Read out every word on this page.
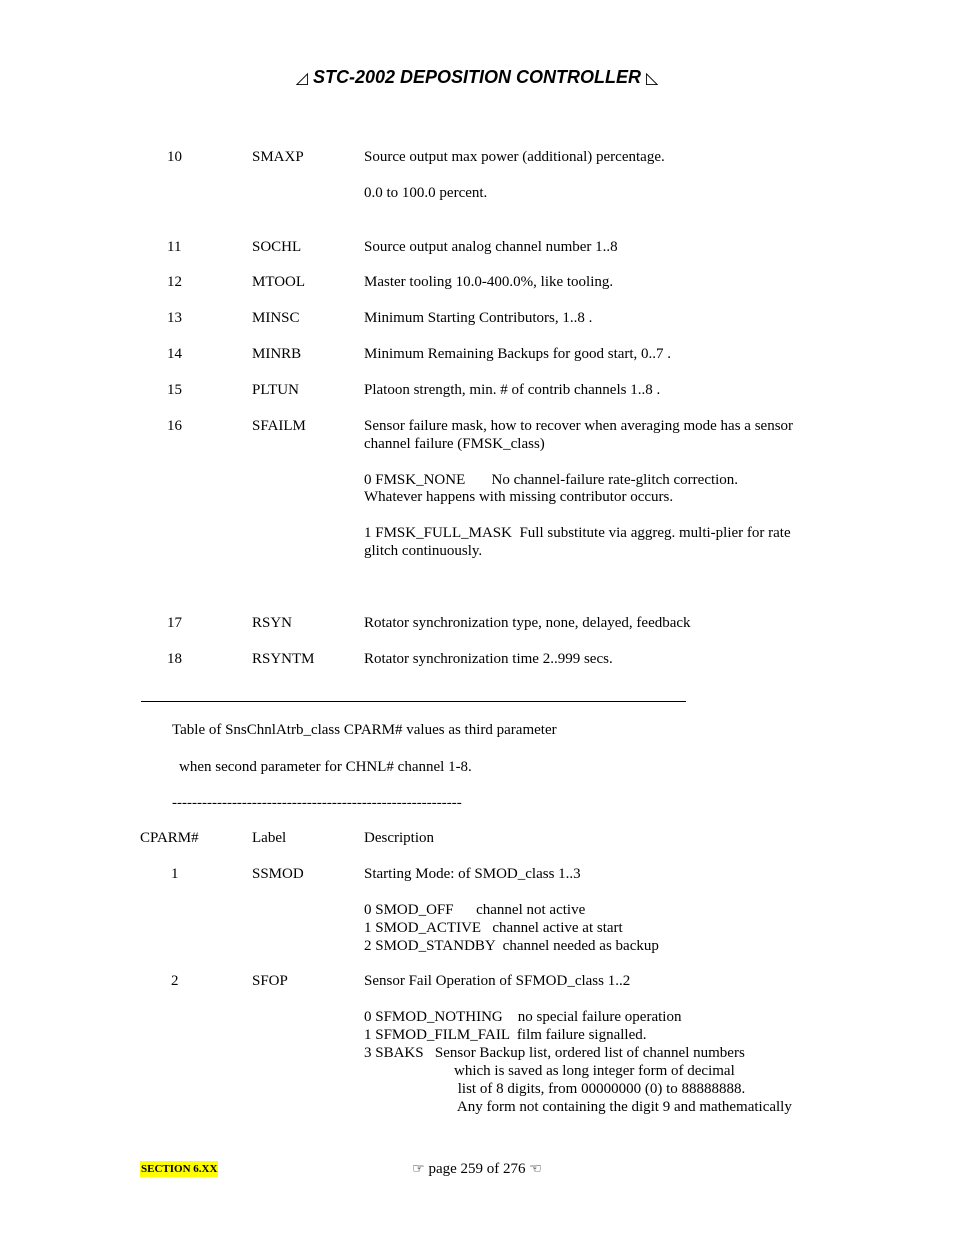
◿ STC-2002 DEPOSITION CONTROLLER ◺
10	SMAXP	Source output max power (additional) percentage.
0.0 to 100.0 percent.
11	SOCHL	Source output analog channel number 1..8
12	MTOOL	Master tooling 10.0-400.0%, like tooling.
13	MINSC	Minimum Starting Contributors, 1..8 .
14	MINRB	Minimum Remaining Backups for good start, 0..7 .
15	PLTUN	Platoon strength, min. # of contrib channels 1..8 .
16	SFAILM	Sensor failure mask, how to recover when averaging mode has a sensor
channel failure (FMSK_class)
0 FMSK_NONE       No channel-failure rate-glitch correction.
Whatever happens with missing contributor occurs.
1 FMSK_FULL_MASK  Full substitute via aggreg. multi-plier for rate
glitch continuously.
17	RSYN	Rotator synchronization type, none, delayed, feedback
18	RSYNTM	Rotator synchronization time 2..999 secs.
Table of SnsChnlAtrb_class CPARM# values as third parameter
when second parameter for CHNL# channel 1-8.
----------------------------------------------------------
CPARM#	Label	Description
1	SSMOD	Starting Mode: of SMOD_class 1..3
0 SMOD_OFF      channel not active
1 SMOD_ACTIVE   channel active at start
2 SMOD_STANDBY  channel needed as backup
2	SFOP	Sensor Fail Operation of SFMOD_class 1..2
0 SFMOD_NOTHING    no special failure operation
1 SFMOD_FILM_FAIL  film failure signalled.
3 SBAKS   Sensor Backup list, ordered list of channel numbers
which is saved as long integer form of decimal
list of 8 digits, from 00000000 (0) to 88888888.
Any form not containing the digit 9 and mathematically
SECTION 6.XX	☞ page 259 of 276 ☜
